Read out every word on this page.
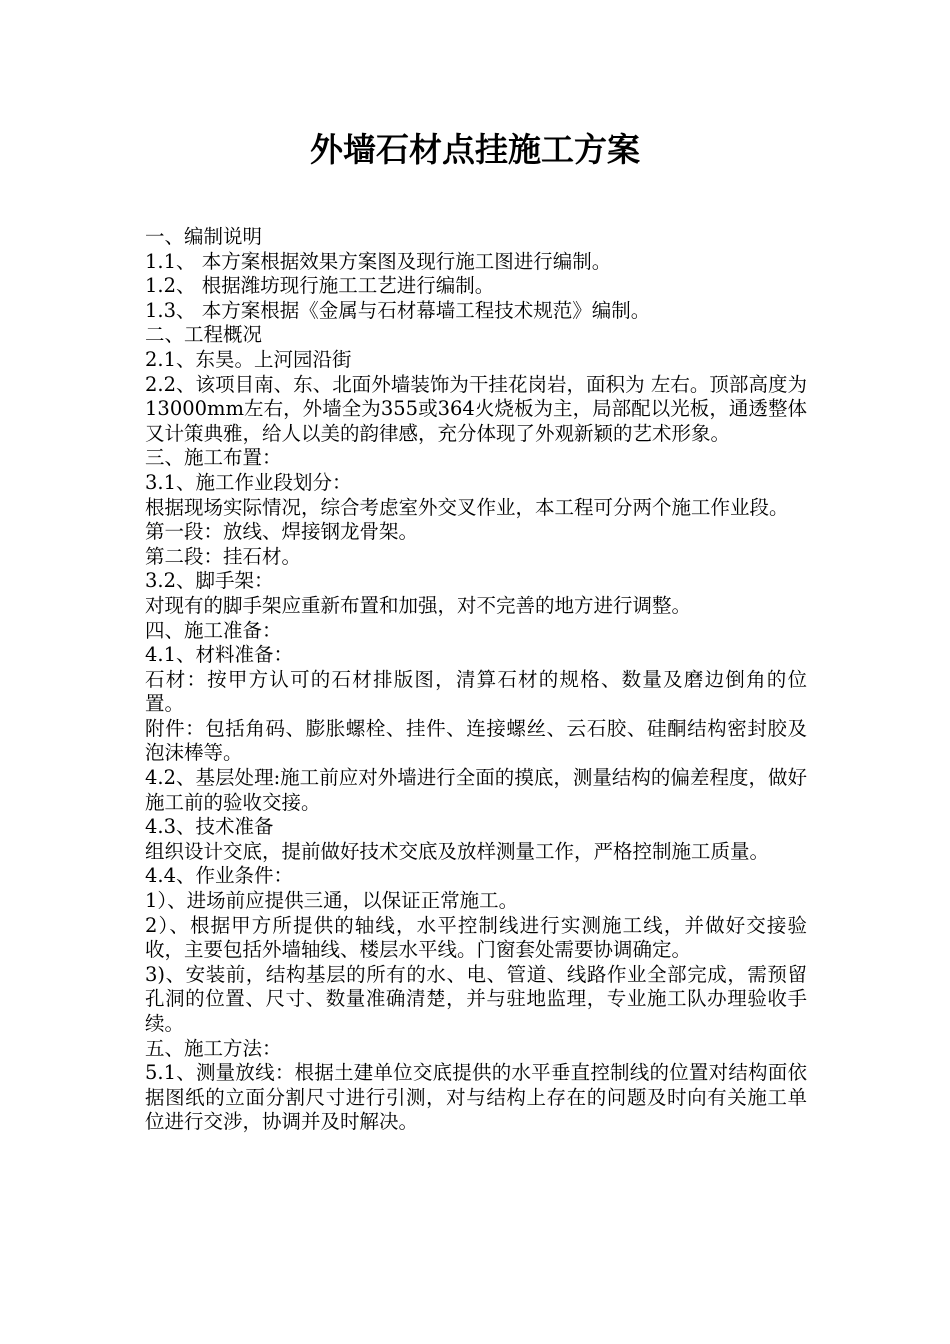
外墙石材点挂施工方案

一、编制说明

1.1、 本方案根据效果方案图及现行施工图进行编制。

1.2、 根据潍坊现行施工工艺进行编制。

1.3、 本方案根据《金属与石材幕墙工程技术规范》编制。

二、工程概况

2.1、东昊。上河园沿街

2.2、该项目南、东、北面外墙装饰为干挂花岗岩，面积为 左右。顶部高度为13000mm左右，外墙全为355或364火烧板为主，局部配以光板，通透整体又计策典雅，给人以美的韵律感，充分体现了外观新颖的艺术形象。

三、施工布置：

3.1、施工作业段划分：

根据现场实际情况，综合考虑室外交叉作业，本工程可分两个施工作业段。

第一段：放线、焊接钢龙骨架。

第二段：挂石材。

3.2、脚手架：

对现有的脚手架应重新布置和加强，对不完善的地方进行调整。

四、施工准备：

4.1、材料准备：

石材：按甲方认可的石材排版图，清算石材的规格、数量及磨边倒角的位置。

附件：包括角码、膨胀螺栓、挂件、连接螺丝、云石胶、硅酮结构密封胶及泡沫棒等。

4.2、基层处理:施工前应对外墙进行全面的摸底，测量结构的偏差程度，做好施工前的验收交接。

4.3、技术准备

组织设计交底，提前做好技术交底及放样测量工作，严格控制施工质量。

4.4、作业条件：

1）、进场前应提供三通，以保证正常施工。

2）、根据甲方所提供的轴线，水平控制线进行实测施工线，并做好交接验收，主要包括外墙轴线、楼层水平线。门窗套处需要协调确定。

3)、安装前，结构基层的所有的水、电、管道、线路作业全部完成，需预留孔洞的位置、尺寸、数量准确清楚，并与驻地监理，专业施工队办理验收手续。

五、施工方法：

5.1、测量放线：根据土建单位交底提供的水平垂直控制线的位置对结构面依据图纸的立面分割尺寸进行引测，对与结构上存在的问题及时向有关施工单位进行交涉，协调并及时解决。
